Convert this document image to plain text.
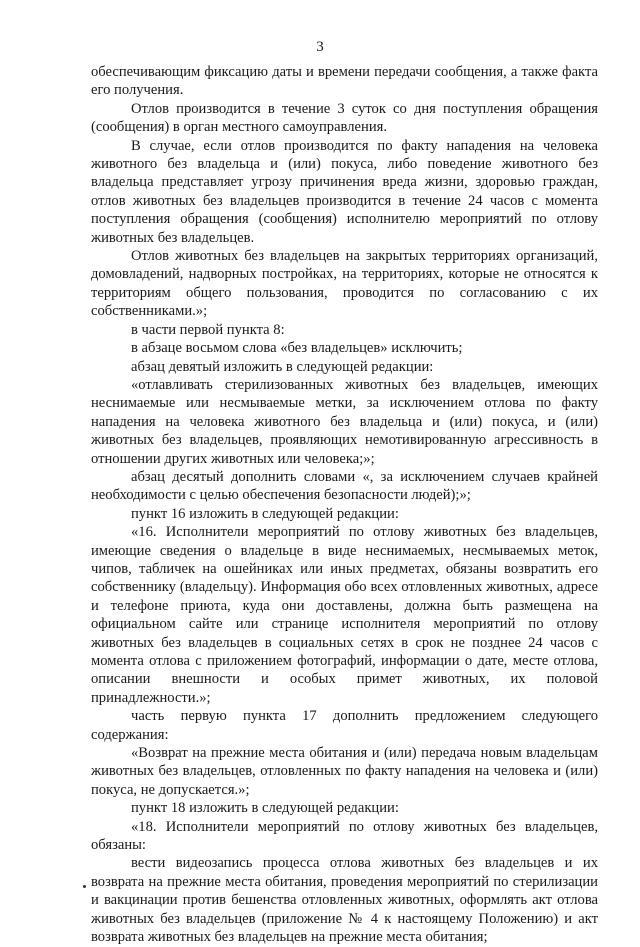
3

обеспечивающим фиксацию даты и времени передачи сообщения, а также факта его получения.

Отлов производится в течение 3 суток со дня поступления обращения (сообщения) в орган местного самоуправления.

В случае, если отлов производится по факту нападения на человека животного без владельца и (или) покуса, либо поведение животного без владельца представляет угрозу причинения вреда жизни, здоровью граждан, отлов животных без владельцев производится в течение 24 часов с момента поступления обращения (сообщения) исполнителю мероприятий по отлову животных без владельцев.

Отлов животных без владельцев на закрытых территориях организаций, домовладений, надворных постройках, на территориях, которые не относятся к территориям общего пользования, проводится по согласованию с их собственниками.»;

в части первой пункта 8:

в абзаце восьмом слова «без владельцев» исключить;

абзац девятый изложить в следующей редакции:

«отлавливать стерилизованных животных без владельцев, имеющих неснимаемые или несмываемые метки, за исключением отлова по факту нападения на человека животного без владельца и (или) покуса, и (или) животных без владельцев, проявляющих немотивированную агрессивность в отношении других животных или человека;»;

абзац десятый дополнить словами «, за исключением случаев крайней необходимости с целью обеспечения безопасности людей);»;

пункт 16 изложить в следующей редакции:

«16. Исполнители мероприятий по отлову животных без владельцев, имеющие сведения о владельце в виде неснимаемых, несмываемых меток, чипов, табличек на ошейниках или иных предметах, обязаны возвратить его собственнику (владельцу). Информация обо всех отловленных животных, адресе и телефоне приюта, куда они доставлены, должна быть размещена на официальном сайте или странице исполнителя мероприятий по отлову животных без владельцев в социальных сетях в срок не позднее 24 часов с момента отлова с приложением фотографий, информации о дате, месте отлова, описании внешности и особых примет животных, их половой принадлежности.»;

часть первую пункта 17 дополнить предложением следующего содержания:

«Возврат на прежние места обитания и (или) передача новым владельцам животных без владельцев, отловленных по факту нападения на человека и (или) покуса, не допускается.»;

пункт 18 изложить в следующей редакции:

«18. Исполнители мероприятий по отлову животных без владельцев, обязаны:

вести видеозапись процесса отлова животных без владельцев и их возврата на прежние места обитания, проведения мероприятий по стерилизации и вакцинации против бешенства отловленных животных, оформлять акт отлова животных без владельцев (приложение № 4 к настоящему Положению) и акт возврата животных без владельцев на прежние места обитания;
